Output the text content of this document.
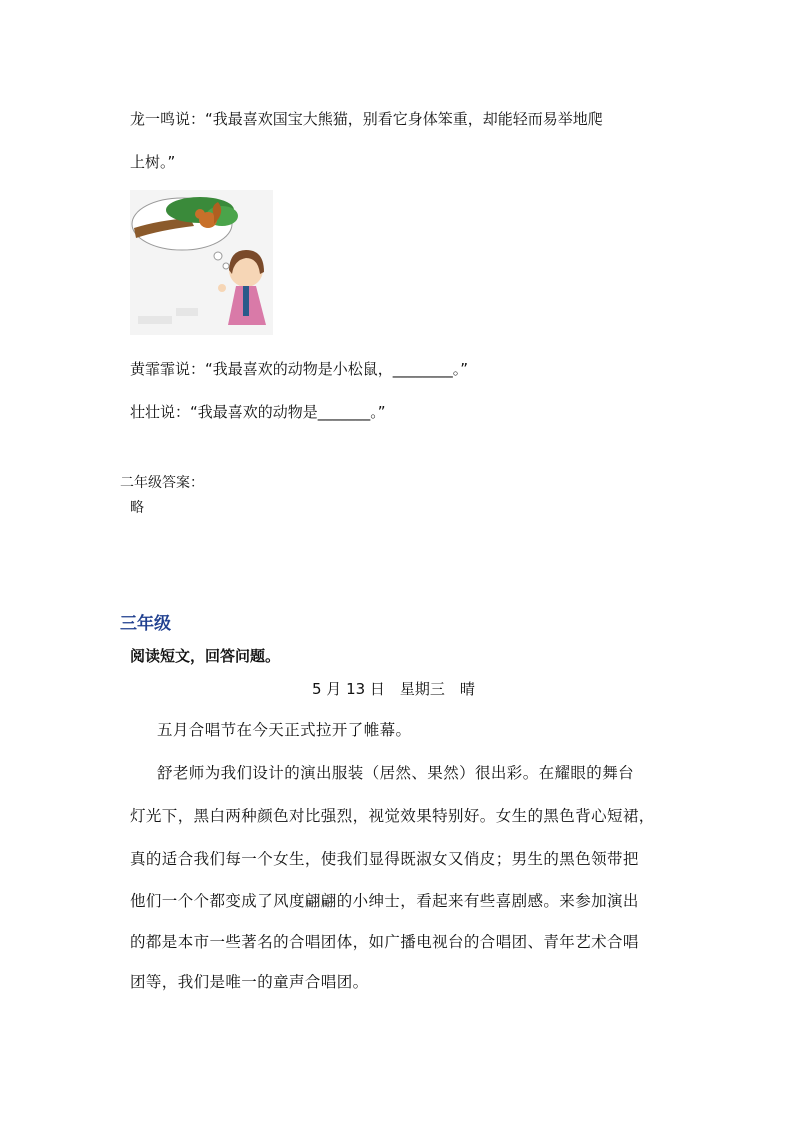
龙一鸣说：“我最喜欢国宝大熊猫，别看它身体笨重，却能轻而易举地爬
上树。”
黄霏霏说：“我最喜欢的动物是小松鼠，________。”
壮壮说：“我最喜欢的动物是_______。”
二年级答案：
略
三年级
阅读短文，回答问题。
5 月 13 日　星期三　晴
五月合唱节在今天正式拉开了帷幕。
舒老师为我们设计的演出服装（居然、果然）很出彩。在耀眼的舞台
灯光下，黑白两种颜色对比强烈，视觉效果特别好。女生的黑色背心短裙，
真的适合我们每一个女生，使我们显得既淑女又俏皮；男生的黑色领带把
他们一个个都变成了风度翩翩的小绅士，看起来有些喜剧感。来参加演出
的都是本市一些著名的合唱团体，如广播电视台的合唱团、青年艺术合唱
团等，我们是唯一的童声合唱团。
